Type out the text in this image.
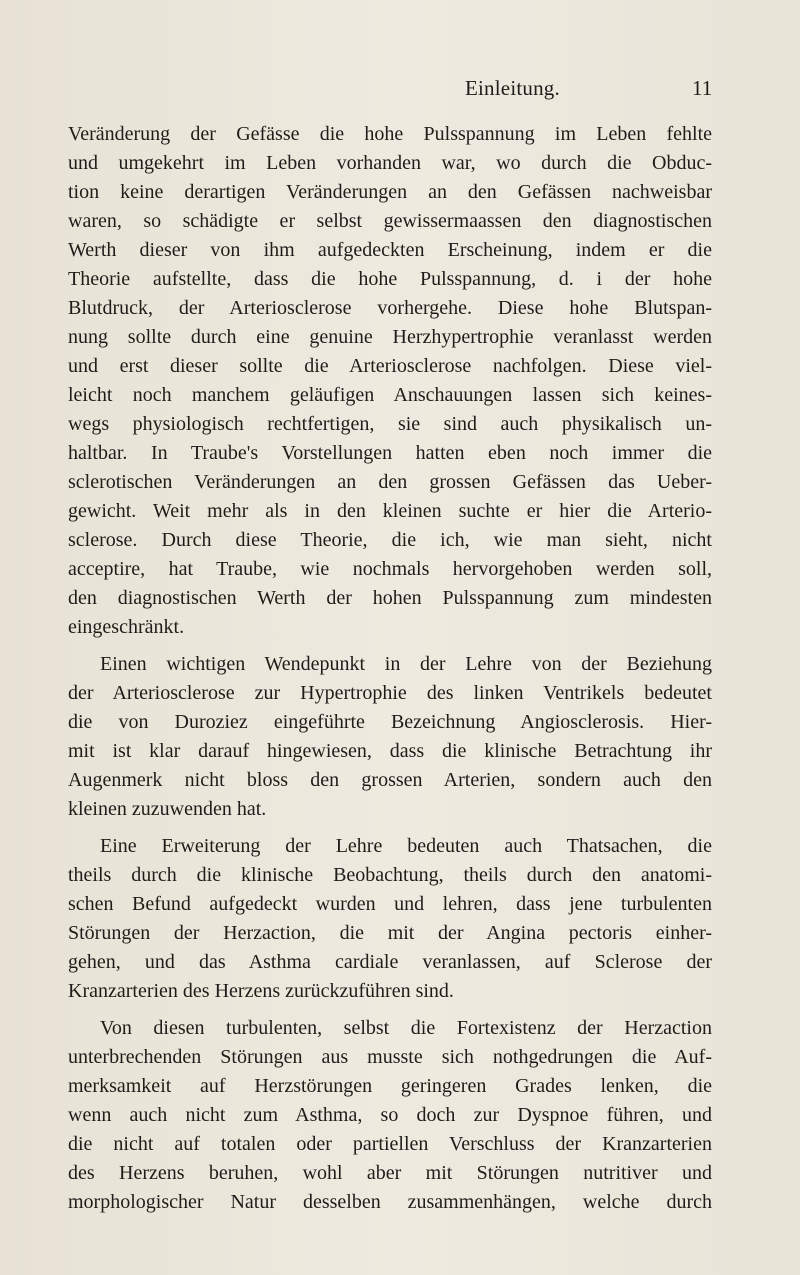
Einleitung.	11

Veränderung der Gefässe die hohe Pulsspannung im Leben fehlte
und umgekehrt im Leben vorhanden war, wo durch die Obduc-
tion keine derartigen Veränderungen an den Gefässen nachweisbar
waren, so schädigte er selbst gewissermaassen den diagnostischen
Werth dieser von ihm aufgedeckten Erscheinung, indem er die
Theorie aufstellte, dass die hohe Pulsspannung, d. i der hohe
Blutdruck, der Arteriosclerose vorhergehe. Diese hohe Blutspan-
nung sollte durch eine genuine Herzhypertrophie veranlasst werden
und erst dieser sollte die Arteriosclerose nachfolgen. Diese viel-
leicht noch manchem geläufigen Anschauungen lassen sich keines-
wegs physiologisch rechtfertigen, sie sind auch physikalisch un-
haltbar. In Traube's Vorstellungen hatten eben noch immer die
sclerotischen Veränderungen an den grossen Gefässen das Ueber-
gewicht. Weit mehr als in den kleinen suchte er hier die Arterio-
sclerose. Durch diese Theorie, die ich, wie man sieht, nicht
acceptire, hat Traube, wie nochmals hervorgehoben werden soll,
den diagnostischen Werth der hohen Pulsspannung zum mindesten
eingeschränkt.

Einen wichtigen Wendepunkt in der Lehre von der Beziehung
der Arteriosclerose zur Hypertrophie des linken Ventrikels bedeutet
die von Duroziez eingeführte Bezeichnung Angiosclerosis. Hier-
mit ist klar darauf hingewiesen, dass die klinische Betrachtung ihr
Augenmerk nicht bloss den grossen Arterien, sondern auch den
kleinen zuzuwenden hat.

Eine Erweiterung der Lehre bedeuten auch Thatsachen, die
theils durch die klinische Beobachtung, theils durch den anatomi-
schen Befund aufgedeckt wurden und lehren, dass jene turbulenten
Störungen der Herzaction, die mit der Angina pectoris einher-
gehen, und das Asthma cardiale veranlassen, auf Sclerose der
Kranzarterien des Herzens zurückzuführen sind.

Von diesen turbulenten, selbst die Fortexistenz der Herzaction
unterbrechenden Störungen aus musste sich nothgedrungen die Auf-
merksamkeit auf Herzstörungen geringeren Grades lenken, die
wenn auch nicht zum Asthma, so doch zur Dyspnoe führen, und
die nicht auf totalen oder partiellen Verschluss der Kranzarterien
des Herzens beruhen, wohl aber mit Störungen nutritiver und
morphologischer Natur desselben zusammenhängen, welche durch
